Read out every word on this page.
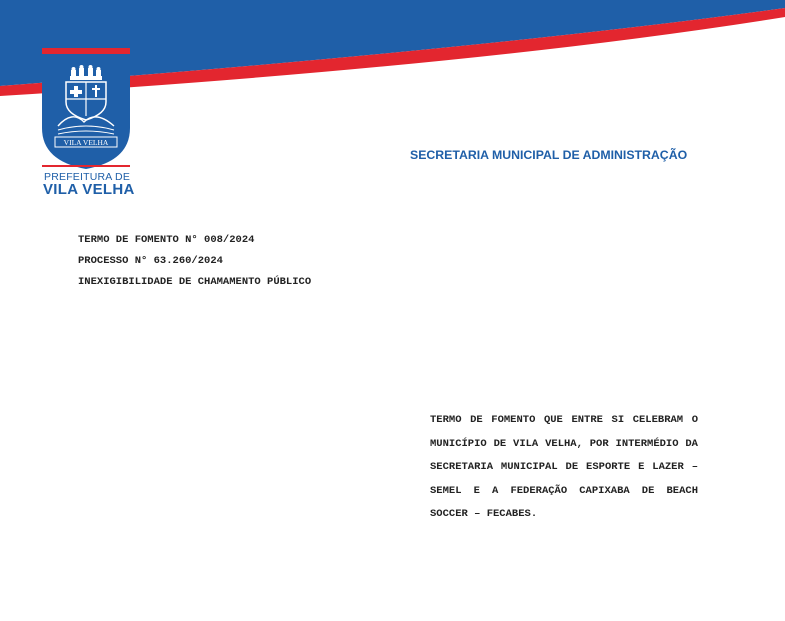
VILA VELHA
PREFEITURA DE
VILA VELHA
SECRETARIA MUNICIPAL DE ADMINISTRAÇÃO
TERMO DE FOMENTO N° 008/2024
PROCESSO N° 63.260/2024
INEXIGIBILIDADE DE CHAMAMENTO PÚBLICO

TERMO DE FOMENTO QUE ENTRE SI CELEBRAM O MUNICÍPIO DE VILA VELHA, POR INTERMÉDIO DA SECRETARIA MUNICIPAL DE ESPORTE E LAZER – SEMEL E A FEDERAÇÃO CAPIXABA DE BEACH SOCCER – FECABES.
